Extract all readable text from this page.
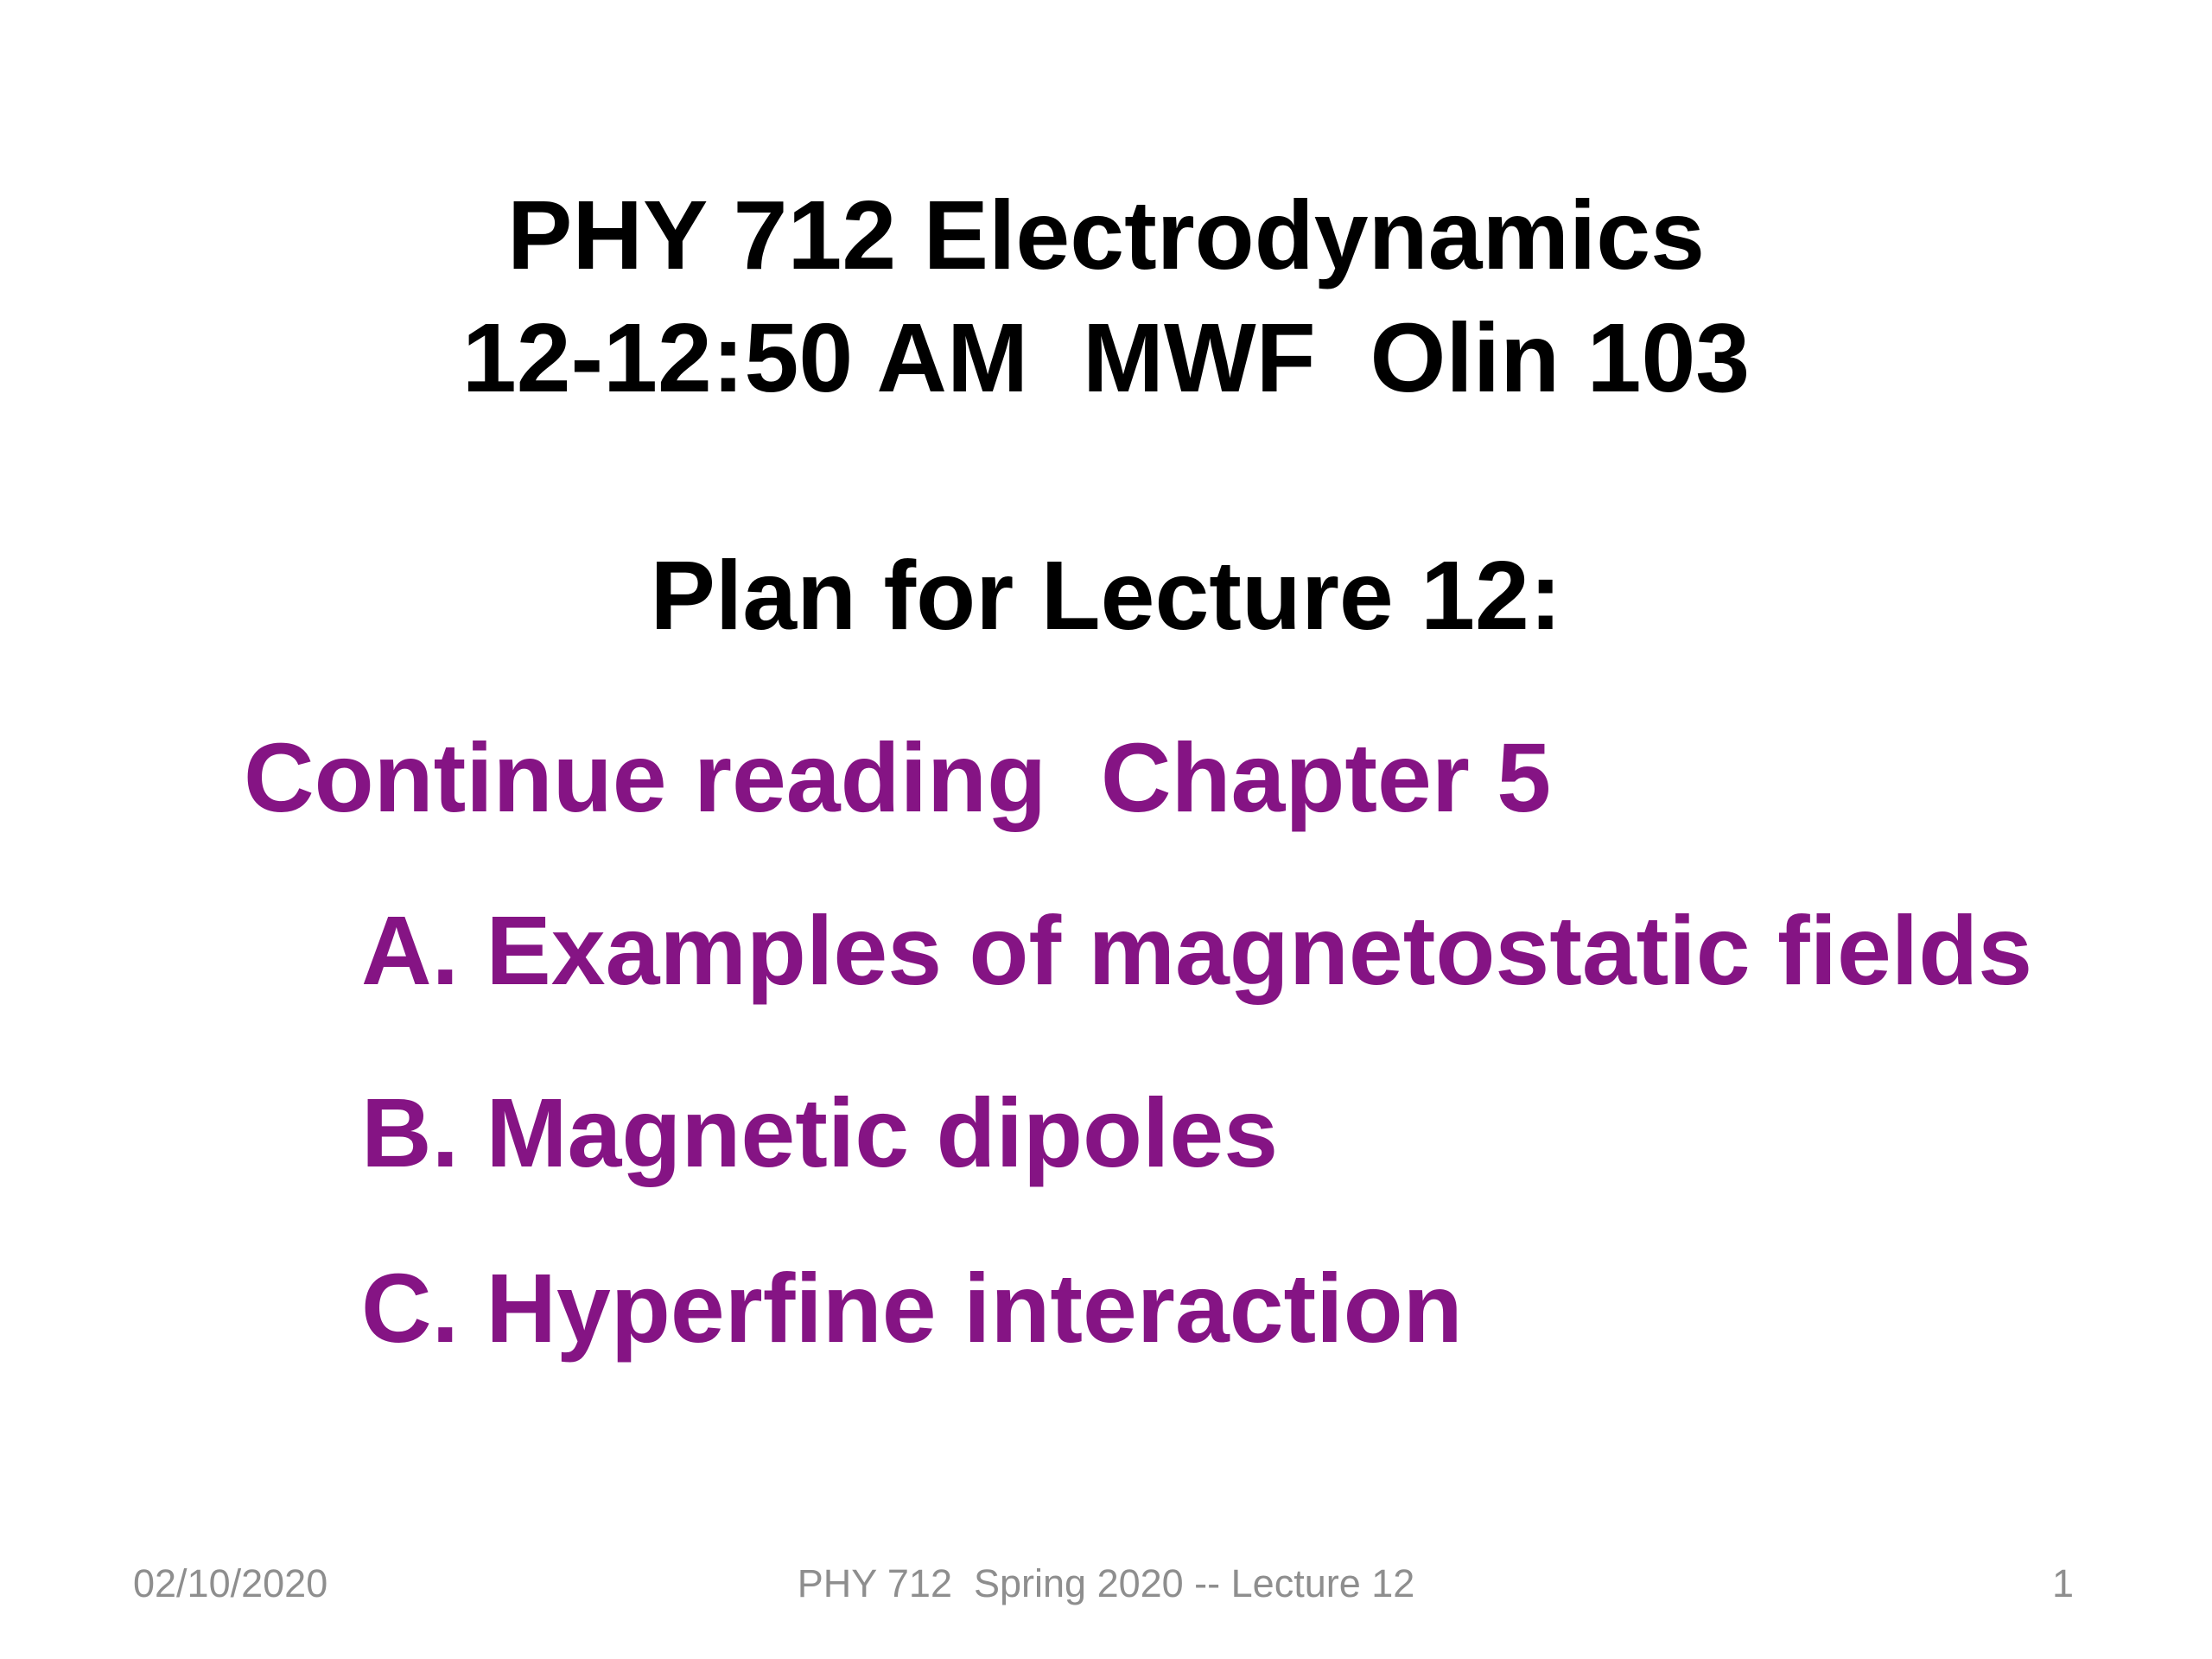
PHY 712 Electrodynamics
12-12:50 AM  MWF  Olin 103
Plan for Lecture 12:
Continue reading  Chapter 5
A. Examples of magnetostatic fields
B. Magnetic dipoles
C. Hyperfine interaction
02/10/2020	PHY 712  Spring 2020 -- Lecture 12	1
